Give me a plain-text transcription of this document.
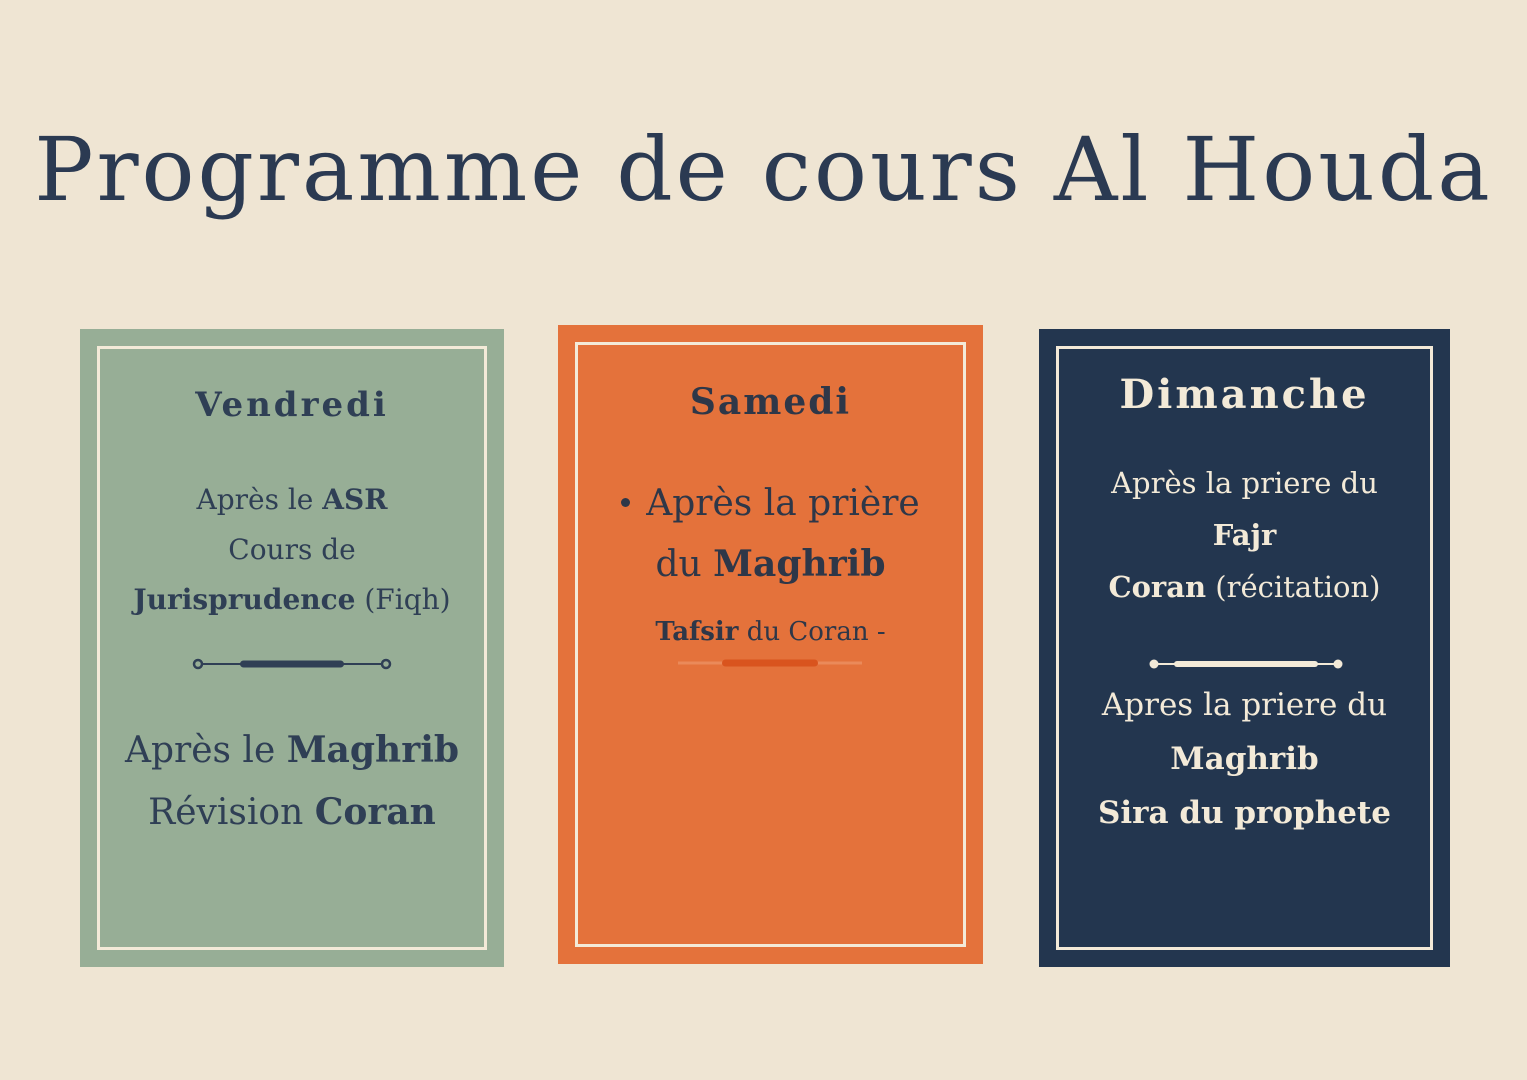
Programme de cours Al Houda

Vendredi

Après le ASR

Cours de

Jurisprudence (Fiqh)

Après le Maghrib

Révision Coran

Samedi

Après la prière

du Maghrib

Tafsir du Coran -

Dimanche

Après la priere du

Fajr

Coran (récitation)

Apres la priere du

Maghrib

Sira du prophete
